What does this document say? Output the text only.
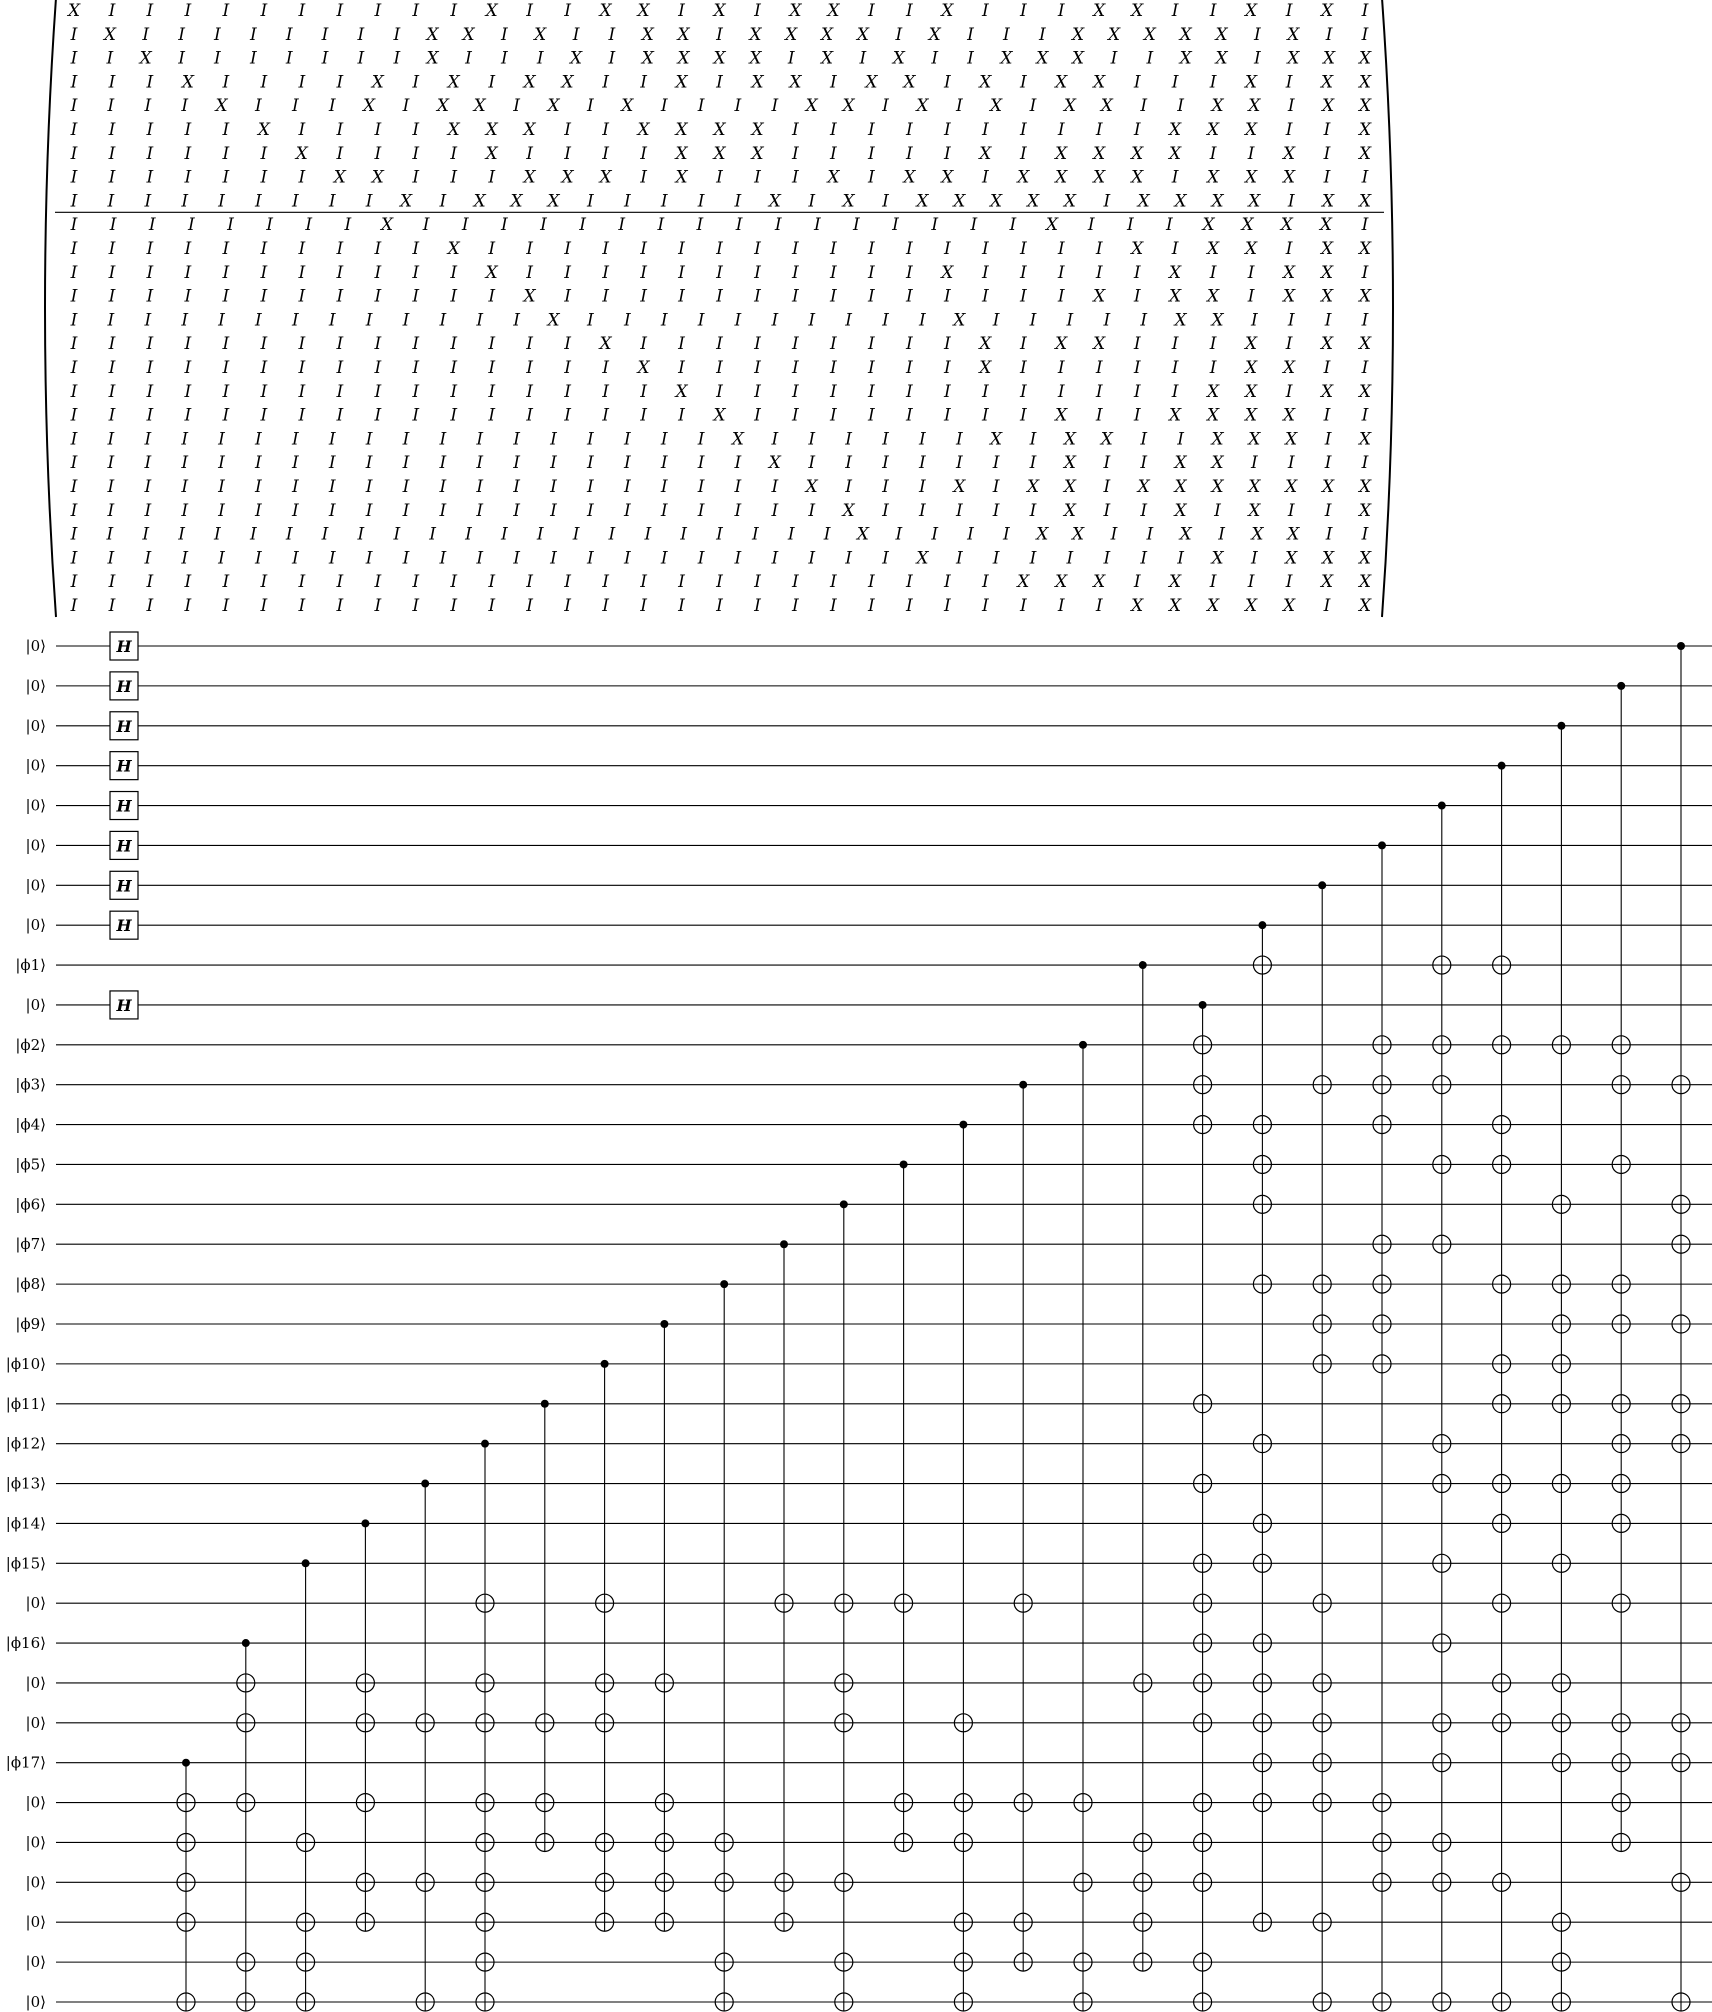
X I I I I I I I I I I X I I X X I X I X X I I X I I I X X I I X I X I
I X I I I I I I I I X X I X I I X X I X X X X I X I I I X X X X X I X I I
I I X I I I I I I I X I I I X I X X X X I X I X I I X X X I I X X I X X X
I I I X I I I I X I X I X X I I X I X X I X X I X I X X I I I X I X X
I I I I X I I I X I X X I X I X I I I I X X I X I X I X X I I X X I X X
I I I I I X I I I I X X X I I X X X X I I I I I I I I I I X X X I I X
I I I I I I X I I I I X I I I I X X X I I I I I X I X X X X I I X I X
I I I I I I I X X I I I X X X I X I I I X I X X I X X X X I X X X I I
I I I I I I I I I X I X X X I I I I I X I X I X X X X X I X X X X I X X
I I I I I I I I X I I I I I I I I I I I I I I I I X I I I X X X X I
I I I I I I I I I I X I I I I I I I I I I I I I I I I I X I X X I X X
I I I I I I I I I I I X I I I I I I I I I I I X I I I I I X I I X X I
I I I I I I I I I I I I X I I I I I I I I I I I I I I X I X X I X X X
I I I I I I I I I I I I I X I I I I I I I I I I X I I I I I X X I I I I
I I I I I I I I I I I I I I X I I I I I I I I I X I X X I I I X I X X
I I I I I I I I I I I I I I I X I I I I I I I I X I I I I I I X X I I
I I I I I I I I I I I I I I I I X I I I I I I I I I I I I I X X I X X
I I I I I I I I I I I I I I I I I X I I I I I I I I X I I X X X X I I
I I I I I I I I I I I I I I I I I I X I I I I I I X I X X I I X X X I X
I I I I I I I I I I I I I I I I I I I X I I I I I I I X I I X X I I I I
I I I I I I I I I I I I I I I I I I I I X I I I X I X X I X X X X X X X
I I I I I I I I I I I I I I I I I I I I I X I I I I I X I I X I X I I X
I I I I I I I I I I I I I I I I I I I I I I X I I I I X X I I X I X X I I
I I I I I I I I I I I I I I I I I I I I I I I X I I I I I I I X I X X X
I I I I I I I I I I I I I I I I I I I I I I I I I X X X I X I I I X X
I I I I I I I I I I I I I I I I I I I I I I I I I I I I X X X X X I X
|0⟩
|0⟩
|0⟩
|0⟩
|0⟩
|0⟩
|0⟩
|0⟩
|ϕ1⟩
|0⟩
|ϕ2⟩
|ϕ3⟩
|ϕ4⟩
|ϕ5⟩
|ϕ6⟩
|ϕ7⟩
|ϕ8⟩
|ϕ9⟩
|ϕ10⟩
|ϕ11⟩
|ϕ12⟩
|ϕ13⟩
|ϕ14⟩
|ϕ15⟩
|0⟩
|ϕ16⟩
|0⟩
|0⟩
|ϕ17⟩
|0⟩
|0⟩
|0⟩
|0⟩
|0⟩
|0⟩
H
H
H
H
H
H
H
H
H
